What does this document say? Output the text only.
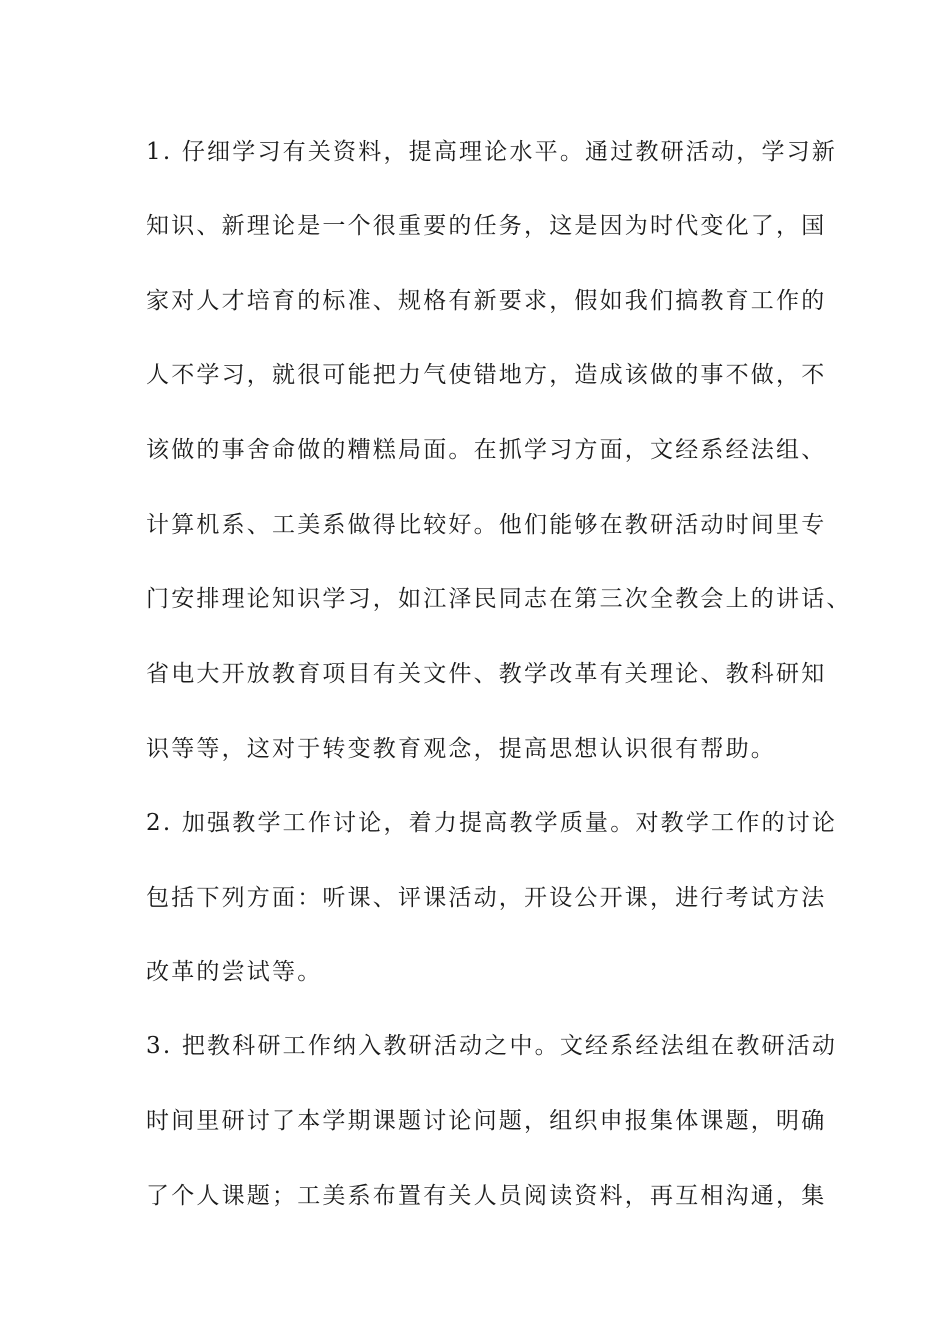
1. 仔细学习有关资料，提高理论水平。通过教研活动，学习新
知识、新理论是一个很重要的任务，这是因为时代变化了，国
家对人才培育的标准、规格有新要求，假如我们搞教育工作的
人不学习，就很可能把力气使错地方，造成该做的事不做，不
该做的事舍命做的糟糕局面。在抓学习方面，文经系经法组、
计算机系、工美系做得比较好。他们能够在教研活动时间里专
门安排理论知识学习，如江泽民同志在第三次全教会上的讲话、
省电大开放教育项目有关文件、教学改革有关理论、教科研知
识等等，这对于转变教育观念，提高思想认识很有帮助。
2. 加强教学工作讨论，着力提高教学质量。对教学工作的讨论
包括下列方面：听课、评课活动，开设公开课，进行考试方法
改革的尝试等。
3. 把教科研工作纳入教研活动之中。文经系经法组在教研活动
时间里研讨了本学期课题讨论问题，组织申报集体课题，明确
了个人课题；工美系布置有关人员阅读资料，再互相沟通，集
